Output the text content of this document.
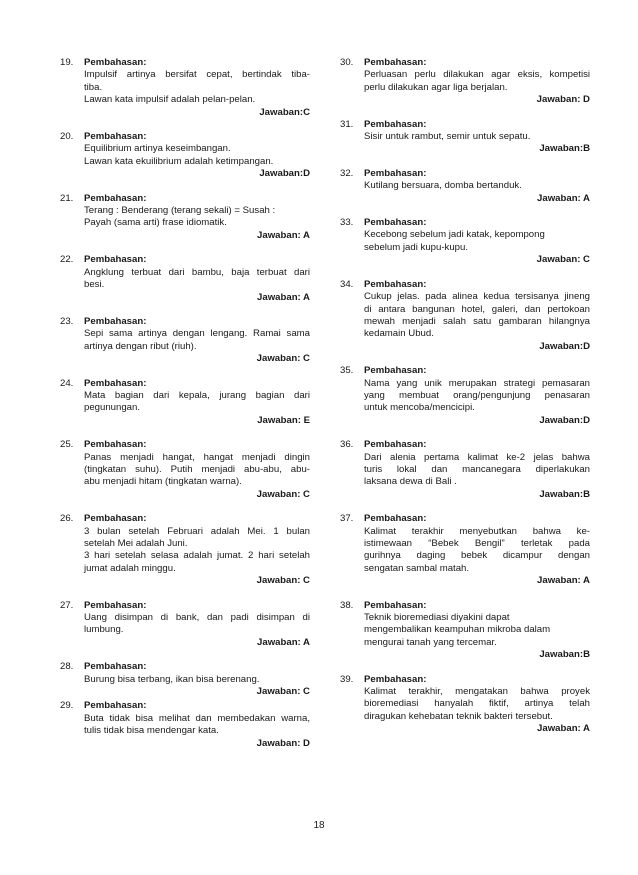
19.	Pembahasan:
Impulsif artinya bersifat cepat, bertindak tiba-
tiba.
Lawan kata impulsif adalah pelan-pelan.
Jawaban:C
20.	Pembahasan:
Equilibrium artinya keseimbangan.
Lawan kata ekuilibrium adalah ketimpangan.
Jawaban:D
21.	Pembahasan:
Terang : Benderang (terang sekali) = Susah :
Payah (sama arti) frase idiomatik.
Jawaban: A
22.	Pembahasan:
Angklung terbuat dari bambu, baja terbuat dari
besi.
Jawaban: A
23.	Pembahasan:
Sepi sama artinya dengan lengang. Ramai sama
artinya dengan ribut (riuh).
Jawaban: C
24.	Pembahasan:
Mata bagian dari kepala, jurang bagian dari
pegunungan.
Jawaban: E
25.	Pembahasan:
Panas menjadi hangat, hangat menjadi dingin
(tingkatan suhu). Putih menjadi abu-abu, abu-
abu menjadi hitam (tingkatan warna).
Jawaban: C
26.	Pembahasan:
3 bulan setelah Februari adalah Mei. 1 bulan
setelah Mei adalah Juni.
3 hari setelah selasa adalah jumat. 2 hari setelah
jumat adalah minggu.
Jawaban: C
27.	Pembahasan:
Uang disimpan di bank, dan padi disimpan di
lumbung.
Jawaban: A
28.	Pembahasan:
Burung bisa terbang, ikan bisa berenang.
Jawaban: C
29.	Pembahasan:
Buta tidak bisa melihat dan membedakan warna,
tulis tidak bisa mendengar kata.
Jawaban: D
30.	Pembahasan:
Perluasan perlu dilakukan agar eksis, kompetisi
perlu dilakukan agar liga berjalan.
Jawaban: D
31.	Pembahasan:
Sisir untuk rambut, semir untuk sepatu.
Jawaban:B
32.	Pembahasan:
Kutilang bersuara, domba bertanduk.
Jawaban: A
33.	Pembahasan:
Kecebong sebelum jadi katak, kepompong
sebelum jadi kupu-kupu.
Jawaban: C
34.	Pembahasan:
Cukup jelas. pada alinea kedua tersisanya jineng
di antara bangunan hotel, galeri, dan pertokoan
mewah menjadi salah satu gambaran hilangnya
kedamain Ubud.
Jawaban:D
35.	Pembahasan:
Nama yang unik merupakan strategi pemasaran
yang membuat orang/pengunjung penasaran
untuk mencoba/mencicipi.
Jawaban:D
36.	Pembahasan:
Dari alenia pertama kalimat ke-2 jelas bahwa
turis lokal dan mancanegara diperlakukan
laksana dewa di Bali .
Jawaban:B
37.	Pembahasan:
Kalimat terakhir menyebutkan bahwa ke-
istimewaan “Bebek Bengil” terletak pada
gurihnya daging bebek dicampur dengan
sengatan sambal matah.
Jawaban: A
38.	Pembahasan:
Teknik bioremediasi diyakini dapat
mengembalikan keampuhan mikroba dalam
mengurai tanah yang tercemar.
Jawaban:B
39.	Pembahasan:
Kalimat terakhir, mengatakan bahwa proyek
bioremediasi hanyalah fiktif, artinya telah
diragukan kehebatan teknik bakteri tersebut.
Jawaban: A
18
